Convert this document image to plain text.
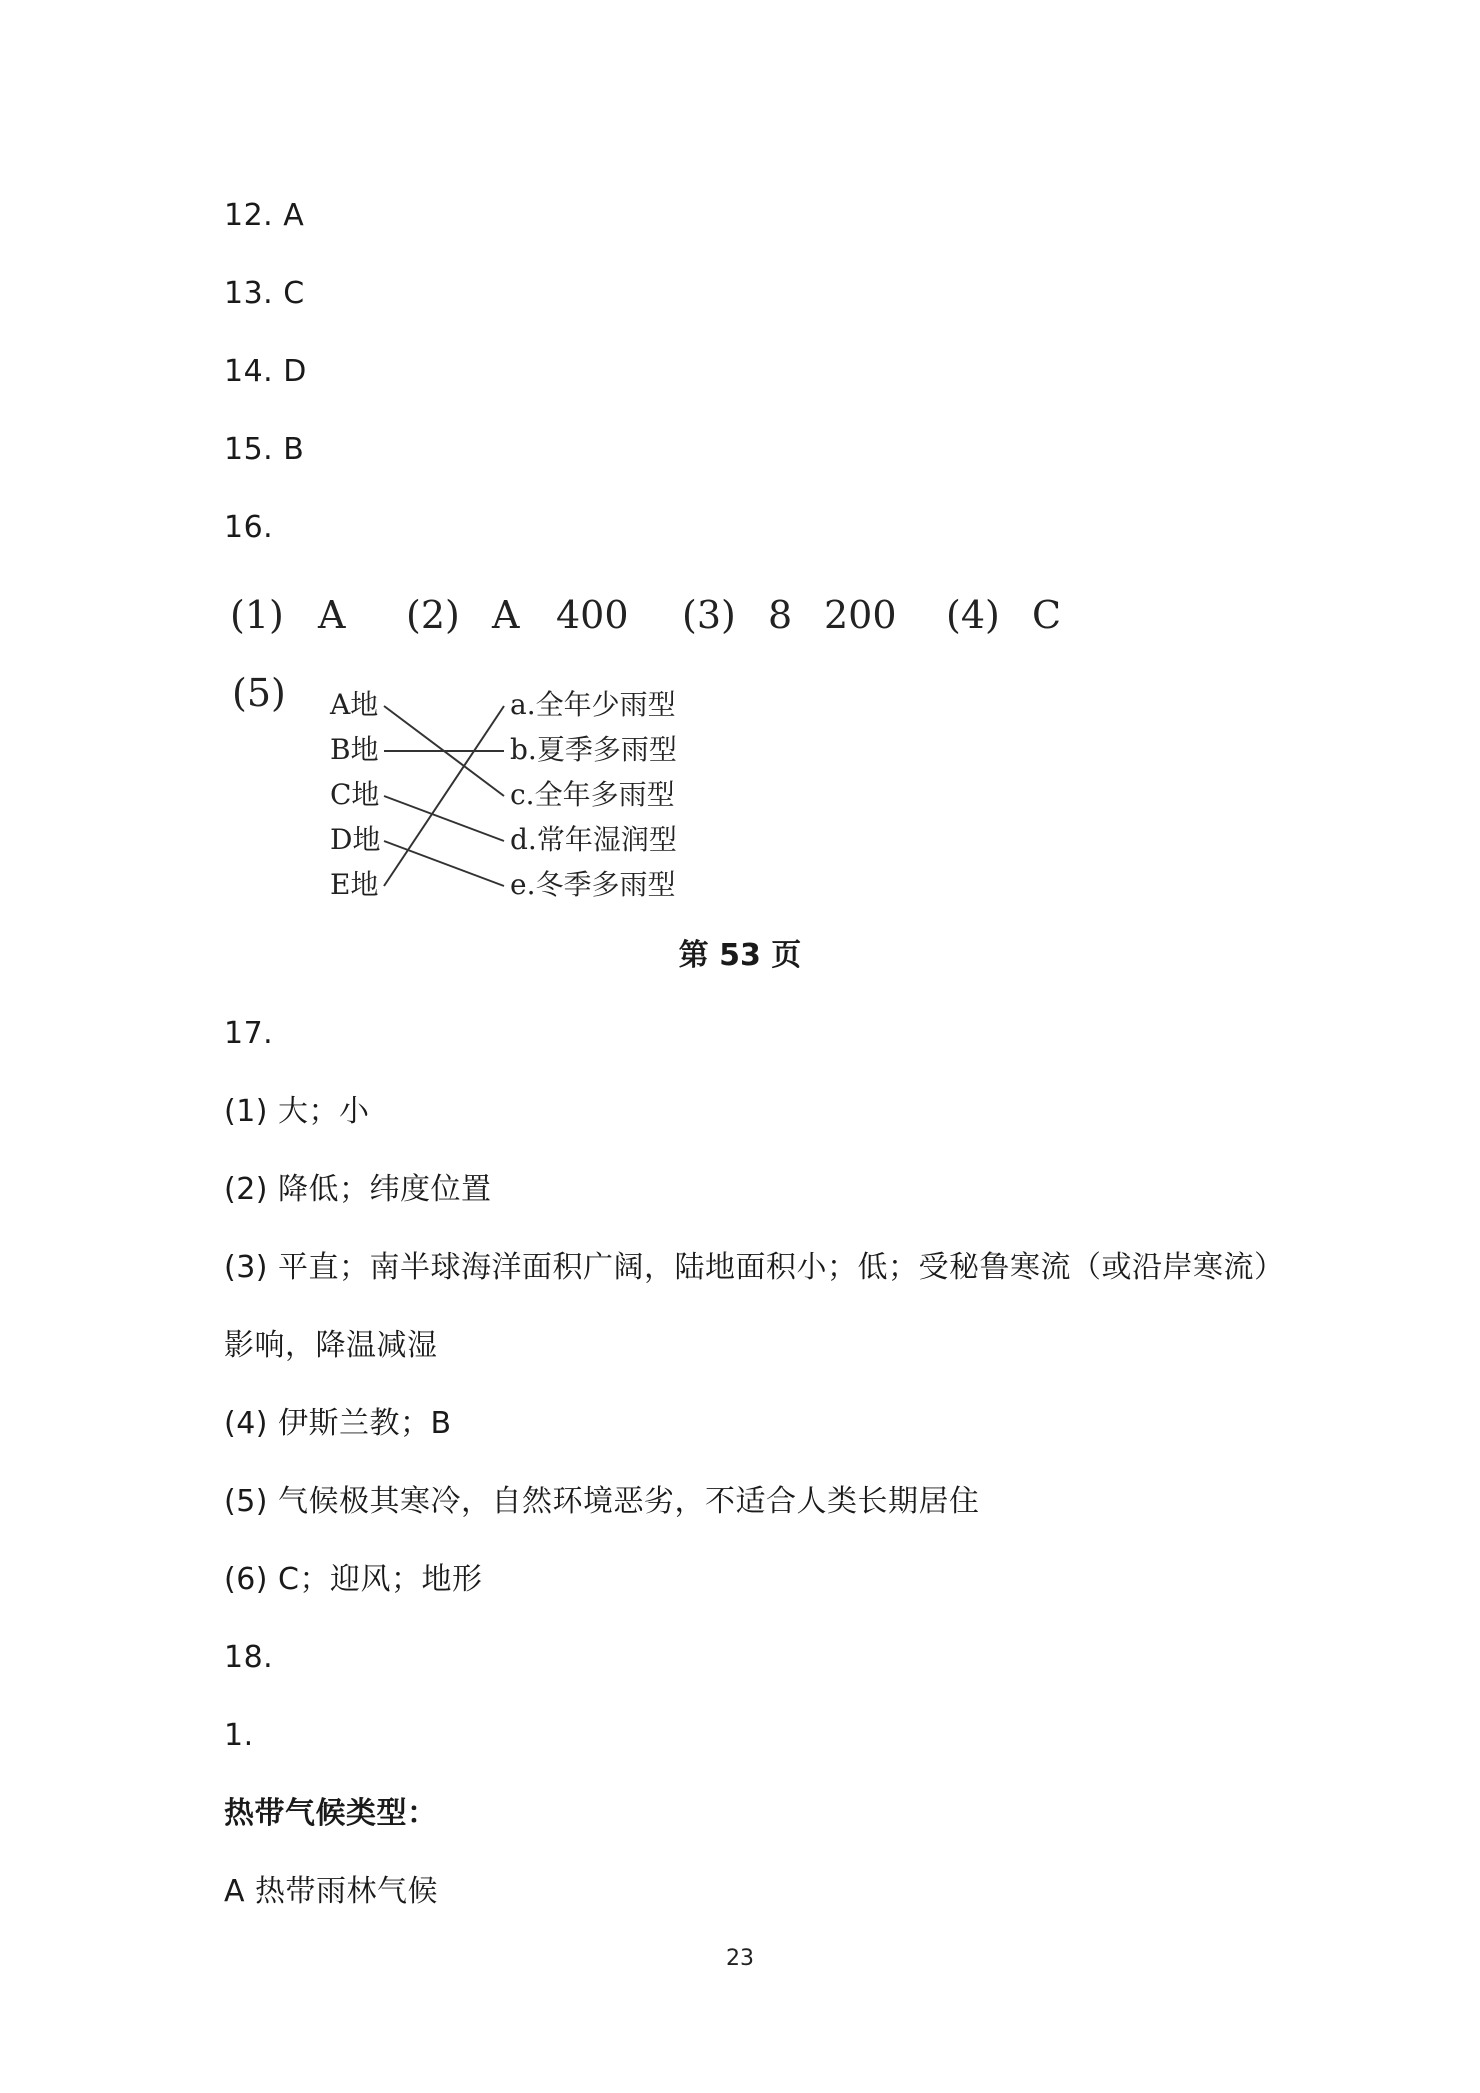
12. A
13. C
14. D
15. B
16.
(1) A (2) A 400 (3) 8 200 (4) C
(5) A地
B地
C地
D地
E地
a.全年少雨型
b.夏季多雨型
c.全年多雨型
d.常年湿润型
e.冬季多雨型
第 53 页
17.
(1) 大；小
(2) 降低；纬度位置
(3) 平直；南半球海洋面积广阔，陆地面积小；低；受秘鲁寒流（或沿岸寒流）
影响，降温减湿
(4) 伊斯兰教；B
(5) 气候极其寒冷，自然环境恶劣，不适合人类长期居住
(6) C；迎风；地形
18.
1.
热带气候类型：
A 热带雨林气候
23
